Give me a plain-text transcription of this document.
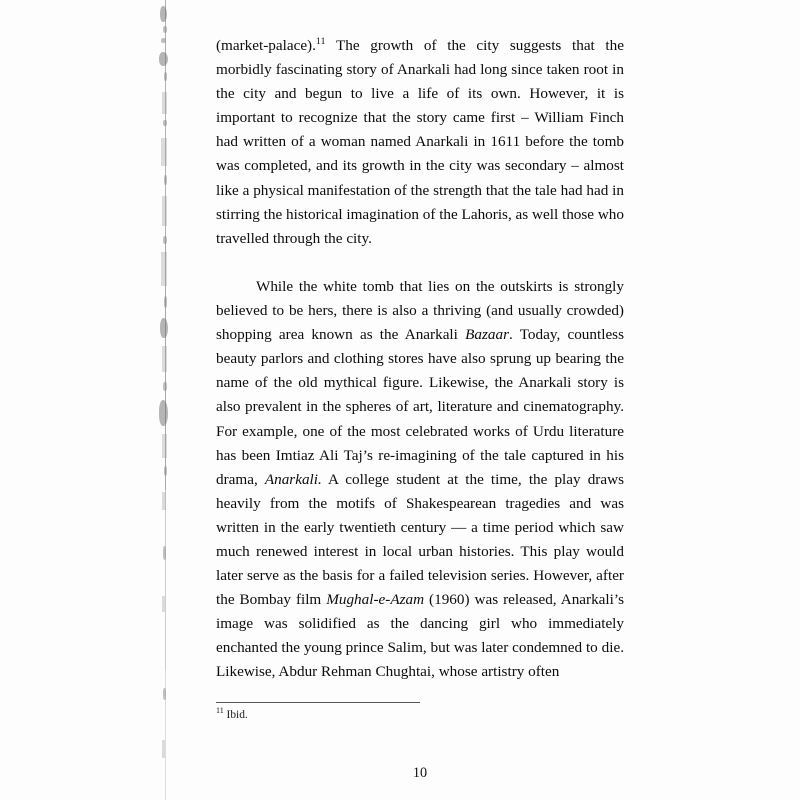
(market-palace).$^{11}$ The growth of the city suggests that the morbidly fascinating story of Anarkali had long since taken root in the city and begun to live a life of its own. However, it is important to recognize that the story came first – William Finch had written of a woman named Anarkali in 1611 before the tomb was completed, and its growth in the city was secondary – almost like a physical manifestation of the strength that the tale had had in stirring the historical imagination of the Lahoris, as well those who travelled through the city.

While the white tomb that lies on the outskirts is strongly believed to be hers, there is also a thriving (and usually crowded) shopping area known as the Anarkali Bazaar. Today, countless beauty parlors and clothing stores have also sprung up bearing the name of the old mythical figure. Likewise, the Anarkali story is also prevalent in the spheres of art, literature and cinematography. For example, one of the most celebrated works of Urdu literature has been Imtiaz Ali Taj’s re-imagining of the tale captured in his drama, Anarkali. A college student at the time, the play draws heavily from the motifs of Shakespearean tragedies and was written in the early twentieth century — a time period which saw much renewed interest in local urban histories. This play would later serve as the basis for a failed television series. However, after the Bombay film Mughal-e-Azam (1960) was released, Anarkali’s image was solidified as the dancing girl who immediately enchanted the young prince Salim, but was later condemned to die. Likewise, Abdur Rehman Chughtai, whose artistry often

$^{11}$ Ibid.

10
